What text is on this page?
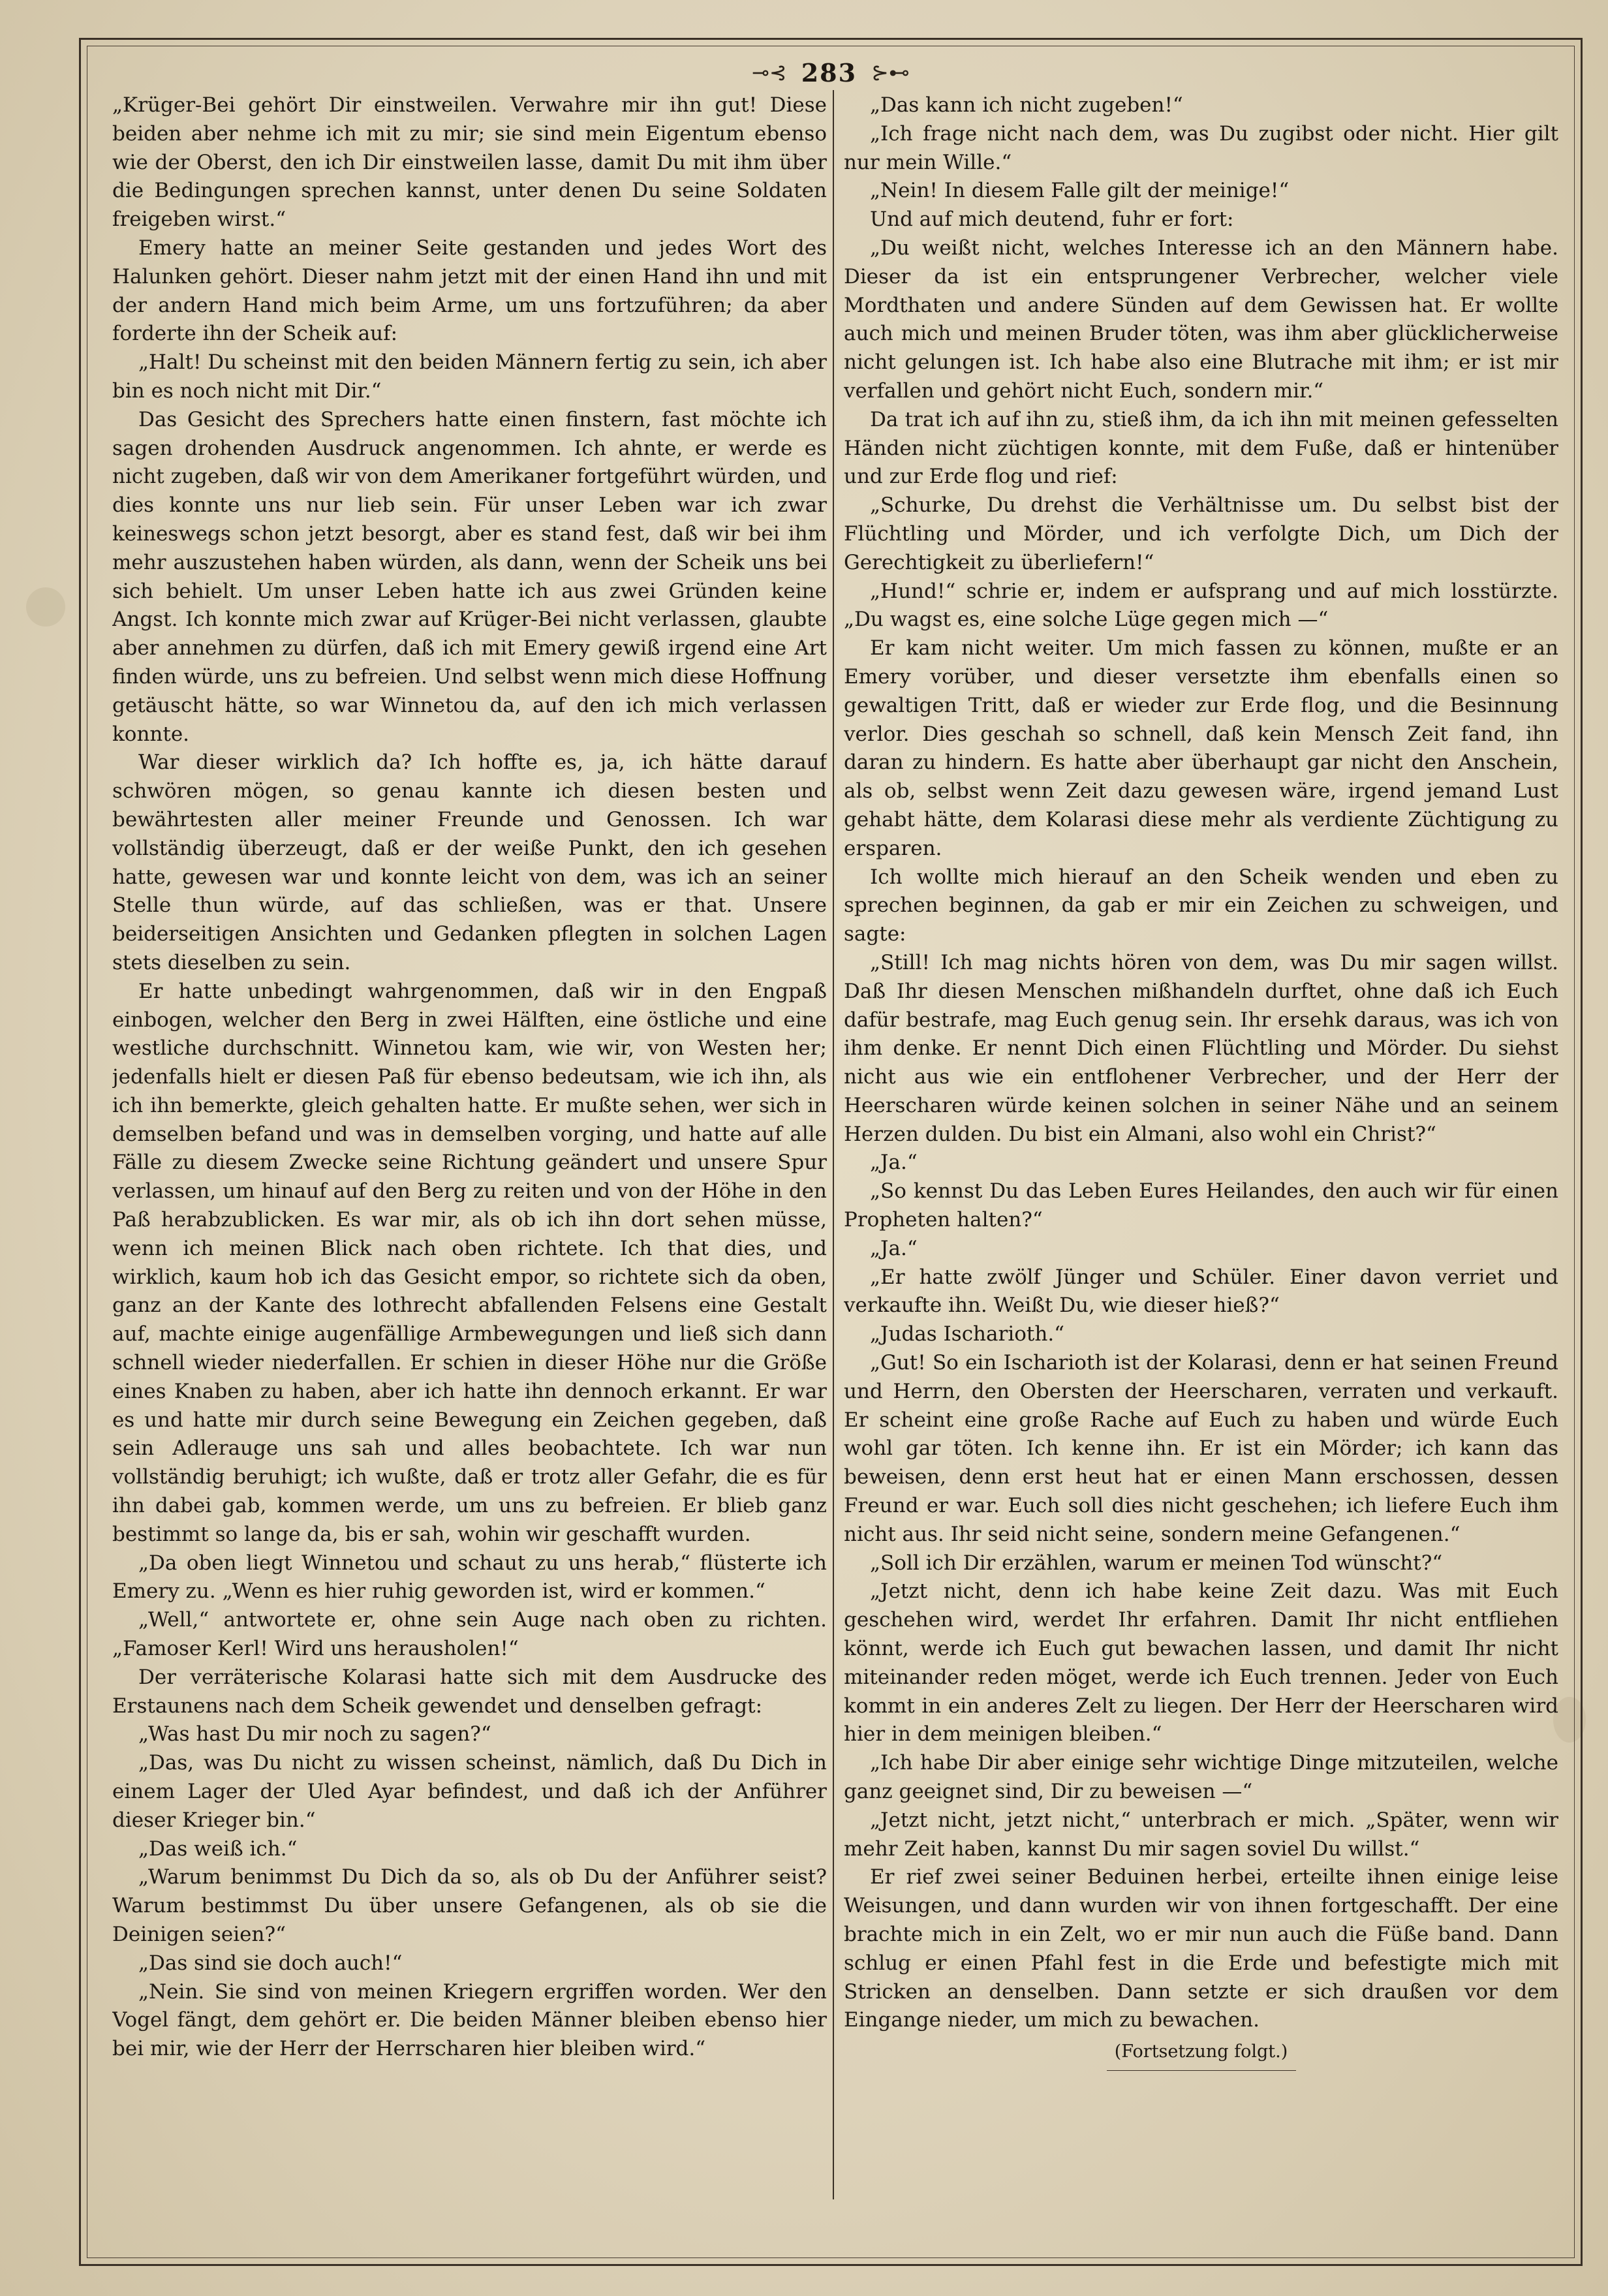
⊸⊰ 283 ⊱⊷

„Krüger-Bei gehört Dir einstweilen. Verwahre mir ihn gut! Diese beiden aber nehme ich mit zu mir; sie sind mein Eigentum ebenso wie der Oberst, den ich Dir einstweilen lasse, damit Du mit ihm über die Bedingungen sprechen kannst, unter denen Du seine Soldaten freigeben wirst.“

Emery hatte an meiner Seite gestanden und jedes Wort des Halunken gehört. Dieser nahm jetzt mit der einen Hand ihn und mit der andern Hand mich beim Arme, um uns fortzuführen; da aber forderte ihn der Scheik auf:

„Halt! Du scheinst mit den beiden Männern fertig zu sein, ich aber bin es noch nicht mit Dir.“

Das Gesicht des Sprechers hatte einen finstern, fast möchte ich sagen drohenden Ausdruck angenommen. Ich ahnte, er werde es nicht zugeben, daß wir von dem Amerikaner fortgeführt würden, und dies konnte uns nur lieb sein. Für unser Leben war ich zwar keineswegs schon jetzt besorgt, aber es stand fest, daß wir bei ihm mehr auszustehen haben würden, als dann, wenn der Scheik uns bei sich behielt. Um unser Leben hatte ich aus zwei Gründen keine Angst. Ich konnte mich zwar auf Krüger-Bei nicht verlassen, glaubte aber annehmen zu dürfen, daß ich mit Emery gewiß irgend eine Art finden würde, uns zu befreien. Und selbst wenn mich diese Hoffnung getäuscht hätte, so war Winnetou da, auf den ich mich verlassen konnte.

War dieser wirklich da? Ich hoffte es, ja, ich hätte darauf schwören mögen, so genau kannte ich diesen besten und bewährtesten aller meiner Freunde und Genossen. Ich war vollständig überzeugt, daß er der weiße Punkt, den ich gesehen hatte, gewesen war und konnte leicht von dem, was ich an seiner Stelle thun würde, auf das schließen, was er that. Unsere beiderseitigen Ansichten und Gedanken pflegten in solchen Lagen stets dieselben zu sein.

Er hatte unbedingt wahrgenommen, daß wir in den Engpaß einbogen, welcher den Berg in zwei Hälften, eine östliche und eine westliche durchschnitt. Winnetou kam, wie wir, von Westen her; jedenfalls hielt er diesen Paß für ebenso bedeutsam, wie ich ihn, als ich ihn bemerkte, gleich gehalten hatte. Er mußte sehen, wer sich in demselben befand und was in demselben vorging, und hatte auf alle Fälle zu diesem Zwecke seine Richtung geändert und unsere Spur verlassen, um hinauf auf den Berg zu reiten und von der Höhe in den Paß herabzublicken. Es war mir, als ob ich ihn dort sehen müsse, wenn ich meinen Blick nach oben richtete. Ich that dies, und wirklich, kaum hob ich das Gesicht empor, so richtete sich da oben, ganz an der Kante des lothrecht abfallenden Felsens eine Gestalt auf, machte einige augenfällige Armbewegungen und ließ sich dann schnell wieder niederfallen. Er schien in dieser Höhe nur die Größe eines Knaben zu haben, aber ich hatte ihn dennoch erkannt. Er war es und hatte mir durch seine Bewegung ein Zeichen gegeben, daß sein Adlerauge uns sah und alles beobachtete. Ich war nun vollständig beruhigt; ich wußte, daß er trotz aller Gefahr, die es für ihn dabei gab, kommen werde, um uns zu befreien. Er blieb ganz bestimmt so lange da, bis er sah, wohin wir geschafft wurden.

„Da oben liegt Winnetou und schaut zu uns herab,“ flüsterte ich Emery zu. „Wenn es hier ruhig geworden ist, wird er kommen.“

„Well,“ antwortete er, ohne sein Auge nach oben zu richten. „Famoser Kerl! Wird uns herausholen!“

Der verräterische Kolarasi hatte sich mit dem Ausdrucke des Erstaunens nach dem Scheik gewendet und denselben gefragt:

„Was hast Du mir noch zu sagen?“

„Das, was Du nicht zu wissen scheinst, nämlich, daß Du Dich in einem Lager der Uled Ayar befindest, und daß ich der Anführer dieser Krieger bin.“

„Das weiß ich.“

„Warum benimmst Du Dich da so, als ob Du der Anführer seist? Warum bestimmst Du über unsere Gefangenen, als ob sie die Deinigen seien?“

„Das sind sie doch auch!“

„Nein. Sie sind von meinen Kriegern ergriffen worden. Wer den Vogel fängt, dem gehört er. Die beiden Männer bleiben ebenso hier bei mir, wie der Herr der Herrscharen hier bleiben wird.“

„Das kann ich nicht zugeben!“

„Ich frage nicht nach dem, was Du zugibst oder nicht. Hier gilt nur mein Wille.“

„Nein! In diesem Falle gilt der meinige!“

Und auf mich deutend, fuhr er fort:

„Du weißt nicht, welches Interesse ich an den Männern habe. Dieser da ist ein entsprungener Verbrecher, welcher viele Mordthaten und andere Sünden auf dem Gewissen hat. Er wollte auch mich und meinen Bruder töten, was ihm aber glücklicherweise nicht gelungen ist. Ich habe also eine Blutrache mit ihm; er ist mir verfallen und gehört nicht Euch, sondern mir.“

Da trat ich auf ihn zu, stieß ihm, da ich ihn mit meinen gefesselten Händen nicht züchtigen konnte, mit dem Fuße, daß er hintenüber und zur Erde flog und rief:

„Schurke, Du drehst die Verhältnisse um. Du selbst bist der Flüchtling und Mörder, und ich verfolgte Dich, um Dich der Gerechtigkeit zu überliefern!“

„Hund!“ schrie er, indem er aufsprang und auf mich losstürzte. „Du wagst es, eine solche Lüge gegen mich —“

Er kam nicht weiter. Um mich fassen zu können, mußte er an Emery vorüber, und dieser versetzte ihm ebenfalls einen so gewaltigen Tritt, daß er wieder zur Erde flog, und die Besinnung verlor. Dies geschah so schnell, daß kein Mensch Zeit fand, ihn daran zu hindern. Es hatte aber überhaupt gar nicht den Anschein, als ob, selbst wenn Zeit dazu gewesen wäre, irgend jemand Lust gehabt hätte, dem Kolarasi diese mehr als verdiente Züchtigung zu ersparen.

Ich wollte mich hierauf an den Scheik wenden und eben zu sprechen beginnen, da gab er mir ein Zeichen zu schweigen, und sagte:

„Still! Ich mag nichts hören von dem, was Du mir sagen willst. Daß Ihr diesen Menschen mißhandeln durftet, ohne daß ich Euch dafür bestrafe, mag Euch genug sein. Ihr ersehk daraus, was ich von ihm denke. Er nennt Dich einen Flüchtling und Mörder. Du siehst nicht aus wie ein entflohener Verbrecher, und der Herr der Heerscharen würde keinen solchen in seiner Nähe und an seinem Herzen dulden. Du bist ein Almani, also wohl ein Christ?“

„Ja.“

„So kennst Du das Leben Eures Heilandes, den auch wir für einen Propheten halten?“

„Ja.“

„Er hatte zwölf Jünger und Schüler. Einer davon verriet und verkaufte ihn. Weißt Du, wie dieser hieß?“

„Judas Ischarioth.“

„Gut! So ein Ischarioth ist der Kolarasi, denn er hat seinen Freund und Herrn, den Obersten der Heerscharen, verraten und verkauft. Er scheint eine große Rache auf Euch zu haben und würde Euch wohl gar töten. Ich kenne ihn. Er ist ein Mörder; ich kann das beweisen, denn erst heut hat er einen Mann erschossen, dessen Freund er war. Euch soll dies nicht geschehen; ich liefere Euch ihm nicht aus. Ihr seid nicht seine, sondern meine Gefangenen.“

„Soll ich Dir erzählen, warum er meinen Tod wünscht?“

„Jetzt nicht, denn ich habe keine Zeit dazu. Was mit Euch geschehen wird, werdet Ihr erfahren. Damit Ihr nicht entfliehen könnt, werde ich Euch gut bewachen lassen, und damit Ihr nicht miteinander reden möget, werde ich Euch trennen. Jeder von Euch kommt in ein anderes Zelt zu liegen. Der Herr der Heerscharen wird hier in dem meinigen bleiben.“

„Ich habe Dir aber einige sehr wichtige Dinge mitzuteilen, welche ganz geeignet sind, Dir zu beweisen —“

„Jetzt nicht, jetzt nicht,“ unterbrach er mich. „Später, wenn wir mehr Zeit haben, kannst Du mir sagen soviel Du willst.“

Er rief zwei seiner Beduinen herbei, erteilte ihnen einige leise Weisungen, und dann wurden wir von ihnen fortgeschafft. Der eine brachte mich in ein Zelt, wo er mir nun auch die Füße band. Dann schlug er einen Pfahl fest in die Erde und befestigte mich mit Stricken an denselben. Dann setzte er sich draußen vor dem Eingange nieder, um mich zu bewachen.

(Fortsetzung folgt.)
